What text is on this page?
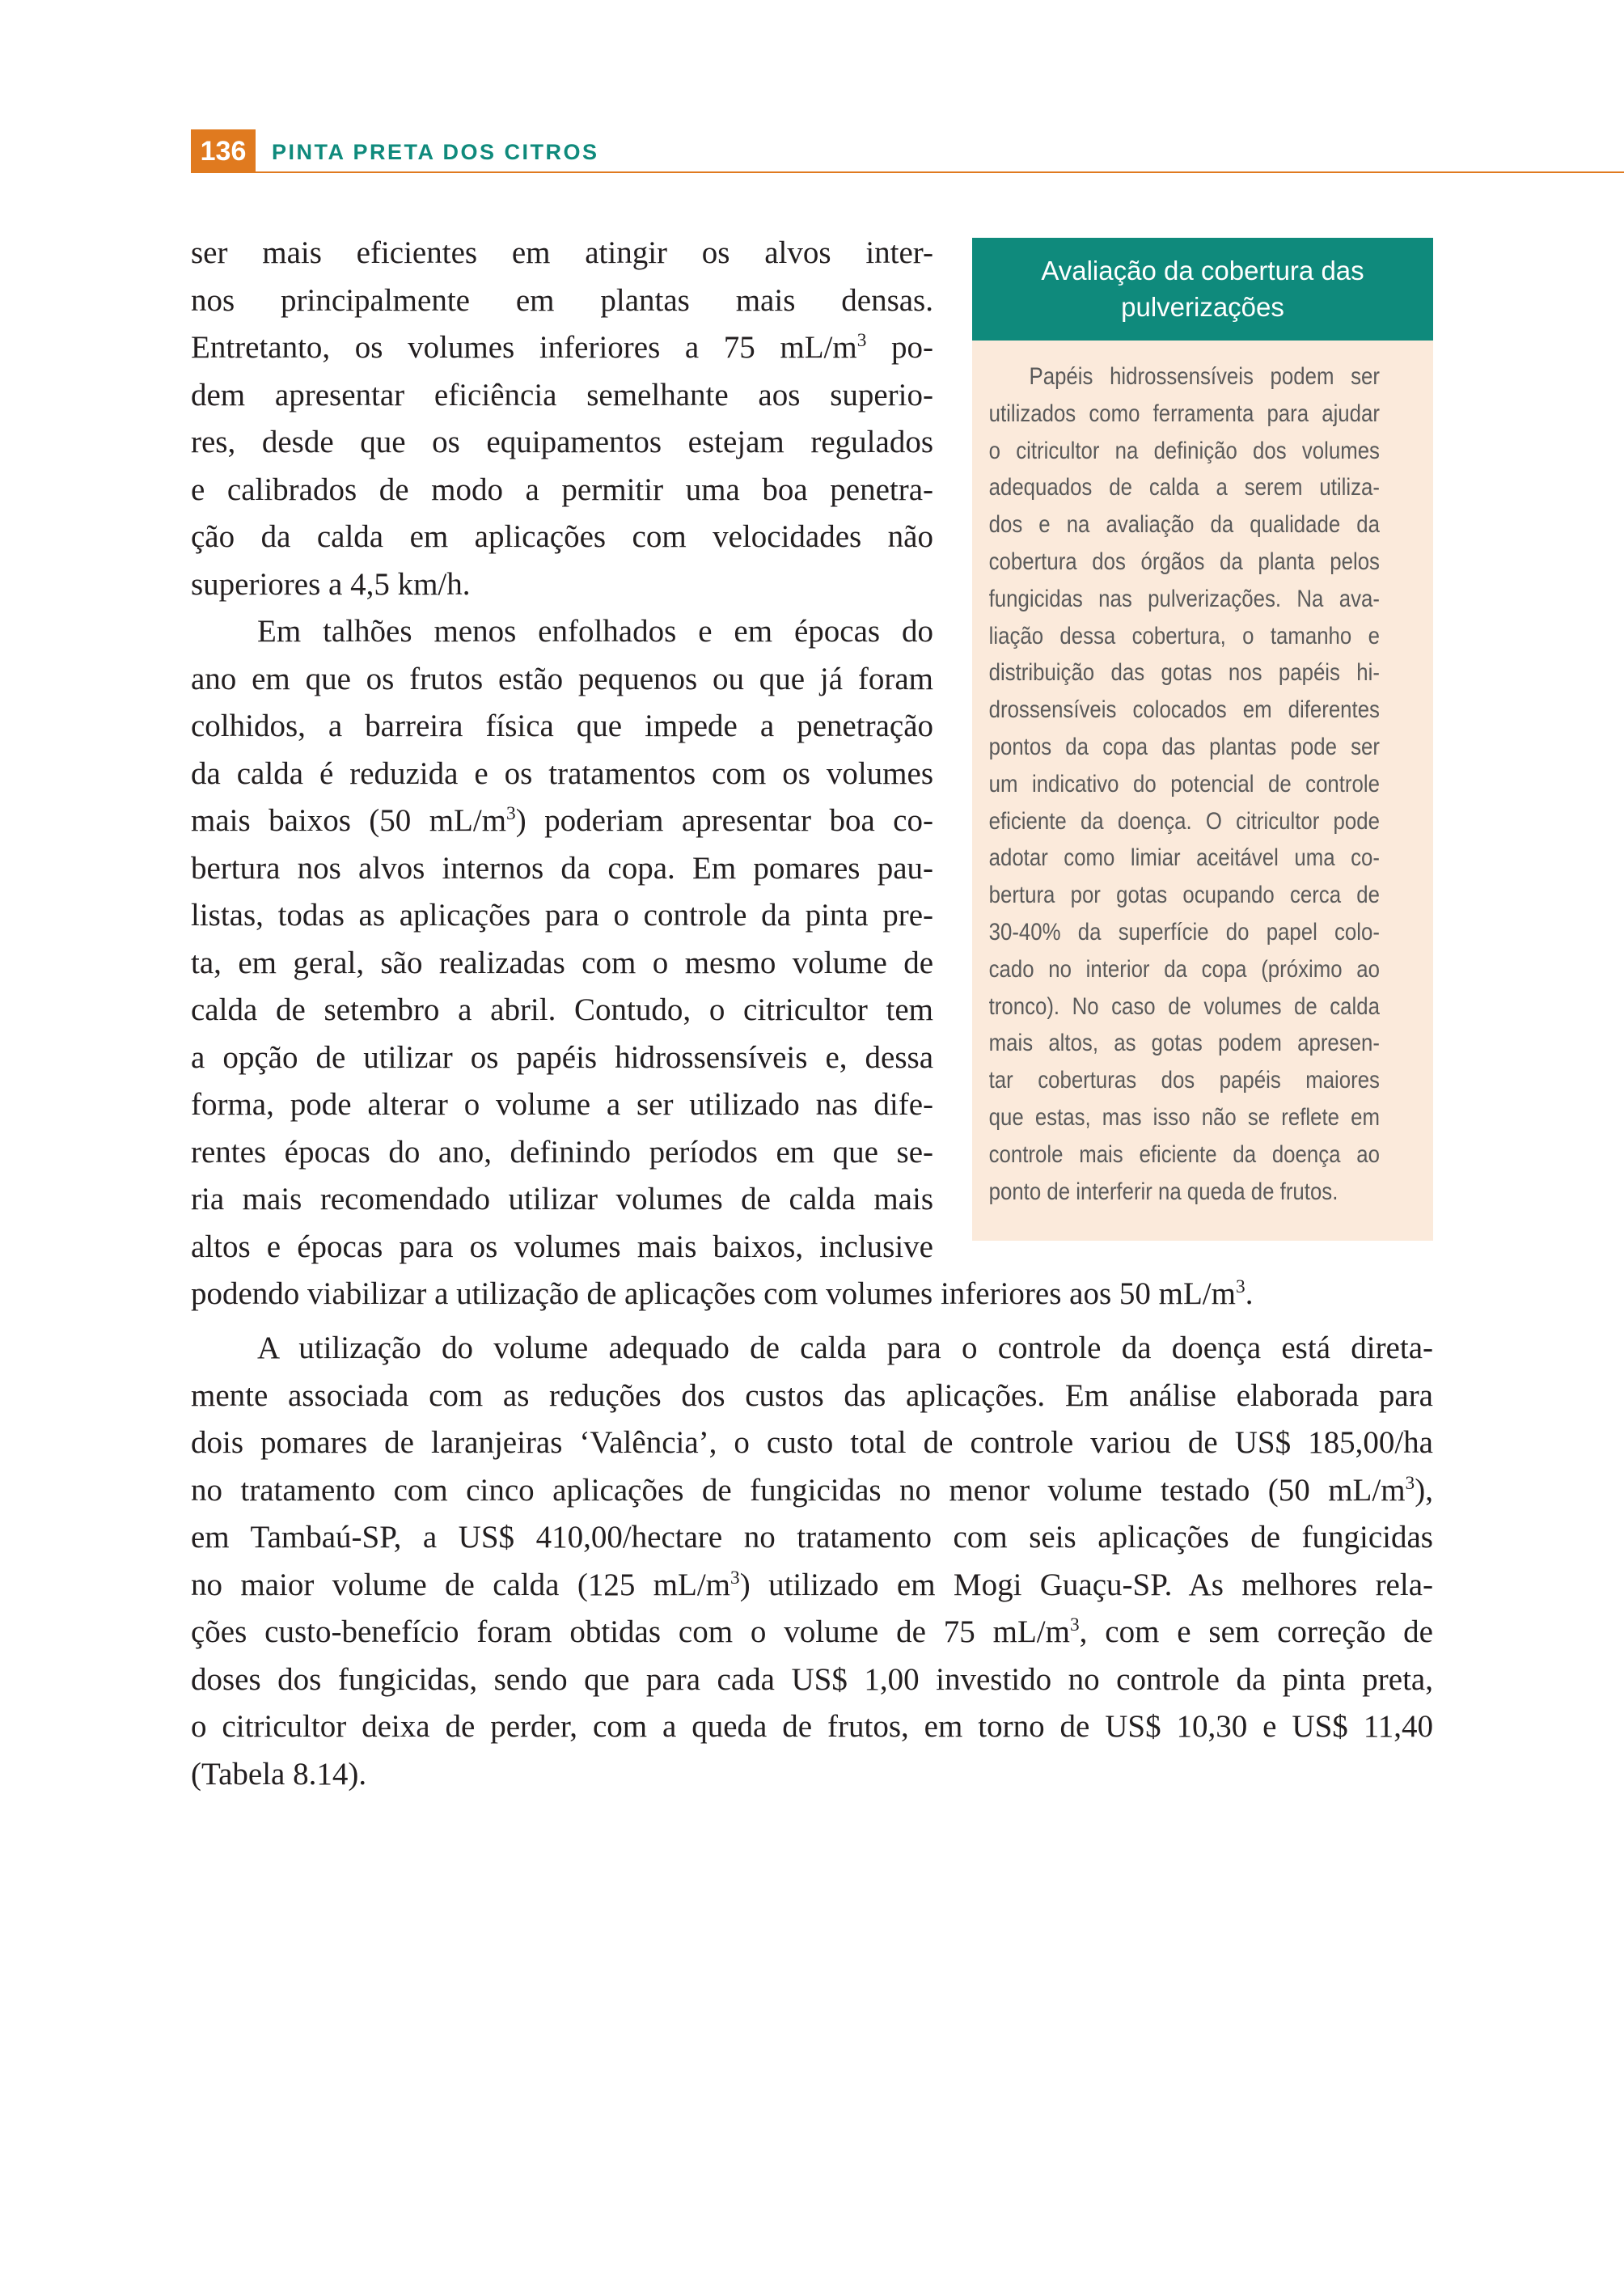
136	PINTA PRETA DOS CITROS
ser mais eficientes em atingir os alvos inter-
nos principalmente em plantas mais densas.
Entretanto, os volumes inferiores a 75 $mL/m^3$ po-
dem apresentar eficiência semelhante aos superio-
res, desde que os equipamentos estejam regulados
e calibrados de modo a permitir uma boa penetra-
ção da calda em aplicações com velocidades não
superiores a 4,5 km/h.
Em talhões menos enfolhados e em épocas do
ano em que os frutos estão pequenos ou que já foram
colhidos, a barreira física que impede a penetração
da calda é reduzida e os tratamentos com os volumes
mais baixos (50 $mL/m^3$) poderiam apresentar boa co-
bertura nos alvos internos da copa. Em pomares pau-
listas, todas as aplicações para o controle da pinta pre-
ta, em geral, são realizadas com o mesmo volume de
calda de setembro a abril. Contudo, o citricultor tem
a opção de utilizar os papéis hidrossensíveis e, dessa
forma, pode alterar o volume a ser utilizado nas dife-
rentes épocas do ano, definindo períodos em que se-
ria mais recomendado utilizar volumes de calda mais
altos e épocas para os volumes mais baixos, inclusive
podendo viabilizar a utilização de aplicações com volumes inferiores aos 50 $mL/m^3$.
A utilização do volume adequado de calda para o controle da doença está direta-
mente associada com as reduções dos custos das aplicações. Em análise elaborada para
dois pomares de laranjeiras ‘Valência’, o custo total de controle variou de US$ 185,00/ha
no tratamento com cinco aplicações de fungicidas no menor volume testado (50 $mL/m^3$),
em Tambaú-SP, a US$ 410,00/hectare no tratamento com seis aplicações de fungicidas
no maior volume de calda (125 $mL/m^3$) utilizado em Mogi Guaçu-SP. As melhores rela-
ções custo-benefício foram obtidas com o volume de 75 $mL/m^3$, com e sem correção de
doses dos fungicidas, sendo que para cada US$ 1,00 investido no controle da pinta preta,
o citricultor deixa de perder, com a queda de frutos, em torno de US$ 10,30 e US$ 11,40
(Tabela 8.14).
Avaliação da cobertura das
pulverizações
Papéis hidrossensíveis podem ser
utilizados como ferramenta para ajudar
o citricultor na definição dos volumes
adequados de calda a serem utiliza-
dos e na avaliação da qualidade da
cobertura dos órgãos da planta pelos
fungicidas nas pulverizações. Na ava-
liação dessa cobertura, o tamanho e
distribuição das gotas nos papéis hi-
drossensíveis colocados em diferentes
pontos da copa das plantas pode ser
um indicativo do potencial de controle
eficiente da doença. O citricultor pode
adotar como limiar aceitável uma co-
bertura por gotas ocupando cerca de
30-40% da superfície do papel colo-
cado no interior da copa (próximo ao
tronco). No caso de volumes de calda
mais altos, as gotas podem apresen-
tar coberturas dos papéis maiores
que estas, mas isso não se reflete em
controle mais eficiente da doença ao
ponto de interferir na queda de frutos.
